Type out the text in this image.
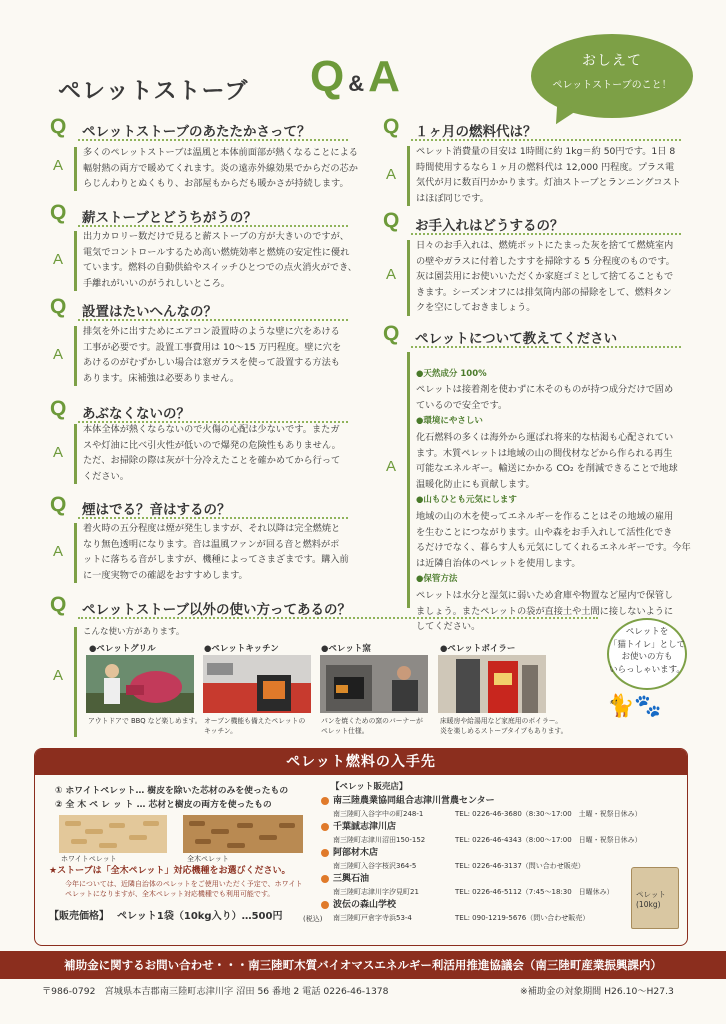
おしえて
ペレットストーブのこと！
ペレットストーブ Q &A
Q ペレットストーブのあたたかさって？
A
多くのペレットストーブは温風と本体前面部が熱くなることによる
輻射熱の両方で暖めてくれます。炎の遠赤外線効果でからだの芯か
らじんわりとぬくもり、お部屋もからだも暖かさが持続します。
Q 薪ストーブとどうちがうの？
A
出力カロリー数だけで見ると薪ストーブの方が大きいのですが、
電気でコントロールするため高い燃焼効率と燃焼の安定性に優れ
ています。燃料の自動供給やスイッチひとつでの点火消火ができ、
手離れがいいのがうれしいところ。
Q 設置はたいへんなの？
A
排気を外に出すためにエアコン設置時のような壁に穴をあける
工事が必要です。設置工事費用は 10～15 万円程度。壁に穴を
あけるのがむずかしい場合は窓ガラスを使って設置する方法も
あります。床補強は必要ありません。
Q あぶなくないの？
A
本体全体が熱くならないので火傷の心配は少ないです。またガ
スや灯油に比べ引火性が低いので爆発の危険性もありません。
ただ、お掃除の際は灰が十分冷えたことを確かめてから行って
ください。
Q 煙はでる？音はするの？
A
着火時の五分程度は煙が発生しますが、それ以降は完全燃焼と
なり無色透明になります。音は温風ファンが回る音と燃料がポ
ットに落ちる音がしますが、機種によってさまざまです。購入前
に一度実物での確認をおすすめします。
Q １ヶ月の燃料代は？
A
ペレット消費量の目安は 1時間に約 1kg＝約 50円です。1日 8
時間使用するなら１ヶ月の燃料代は 12,000 円程度。プラス電
気代が月に数百円かかります。灯油ストーブとランニングコスト
はほぼ同じです。
Q お手入れはどうするの？
A
日々のお手入れは、燃焼ポットにたまった灰を捨てて燃焼室内
の壁やガラスに付着したすすを掃除する 5 分程度のものです。
灰は園芸用にお使いいただくか家庭ゴミとして捨てることもで
きます。シーズンオフには排気筒内部の掃除をして、燃料タン
クを空にしておきましょう。
Q ペレットについて教えてください
A

●天然成分 100%
ペレットは接着剤を使わずに木そのものが持つ成分だけで固め
ているので安全です。
●環境にやさしい
化石燃料の多くは海外から運ばれ将来的な枯渇も心配されてい
ます。木質ペレットは地域の山の間伐材などから作られる再生
可能なエネルギー。輸送にかかる CO₂ を削減できることで地球
温暖化防止にも貢献します。
●山もひとも元気にします
地域の山の木を使ってエネルギーを作ることはその地域の雇用
を生むことにつながります。山や森をお手入れして活性化でき
るだけでなく、暮らす人も元気にしてくれるエネルギーです。今年
は近隣自治体のペレットを使用します。
●保管方法
ペレットは水分と湿気に弱いため倉庫や物置など屋内で保管し
ましょう。またペレットの袋が直接土や土間に接しないように
してください。	ペレットを
「猫トイレ」として
お使いの方も
いらっしゃいます。
🐈🐾
Q ペレットストーブ以外の使い方ってあるの？
A
こんな使い方があります。
●ペレットグリル	●ペレットキッチン	●ペレット窯	●ペレットボイラー
アウトドアで BBQ など楽しめます。 オーブン機能も備えたペレットの
キッチン。
パンを焼くための窯のバーナーが
ペレット仕様。
床暖房や給湯用など家庭用のボイラー。
炎を楽しめるストーブタイプもあります。
ペレット燃料の入手先
① ホワイトペレット… 樹皮を除いた芯材のみを使ったもの
② 全 木 ペ レ ッ ト … 芯材と樹皮の両方を使ったもの
ホワイトペレット	全木ペレット
★ストーブは「全木ペレット」対応機種をお選びください。
今年については、近隣自治体のペレットをご使用いただく予定で、ホワイト
ペレットになりますが、全木ペレット対応機種でも利用可能です。
【販売価格】 ペレット1袋（10kg入り）…500円	(税込)
【ペレット販売店】
南三陸農業協同組合志津川営農センター
南三陸町入谷字中の町248-1	TEL: 0226-46-3680（8:30～17:00　土曜・祝祭日休み）
千葉誠志津川店
南三陸町志津川沼田150-152	TEL: 0226-46-4343（8:00～17:00　日曜・祝祭日休み）
阿部材木店
南三陸町入谷字桜沢364-5	TEL: 0226-46-3137（問い合わせ販売）
三興石油
南三陸町志津川字汐見町21	TEL: 0226-46-5112（7:45～18:30　日曜休み）
波伝の森山学校
南三陸町戸倉字寺浜53-4	TEL: 090-1219-5676（問い合わせ販売）
ペレット
(10kg)
補助金に関するお問い合わせ・・・南三陸町木質バイオマスエネルギー利活用推進協議会（南三陸町産業振興課内）
〒986-0792　宮城県本吉郡南三陸町志津川字 沼田 56 番地 2 電話 0226-46-1378	※補助金の対象期間 H26.10～H27.3
